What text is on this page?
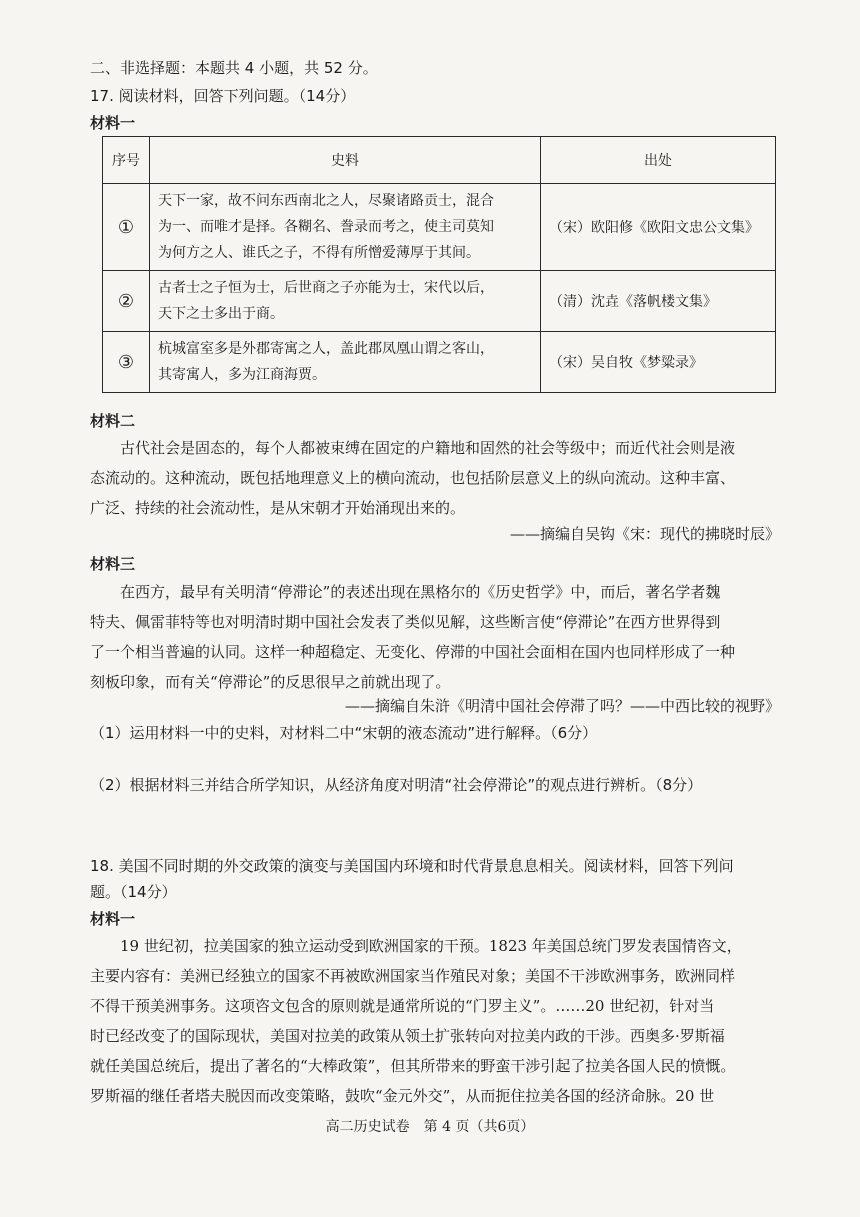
二、非选择题：本题共 4 小题，共 52 分。
17. 阅读材料，回答下列问题。（14分）
材料一
序号	史料	出处
①	天下一家，故不问东西南北之人，尽聚诸路贡士，混合
为一、而唯才是择。各糊名、誊录而考之，使主司莫知
为何方之人、谁氏之子，不得有所憎爱薄厚于其间。	（宋）欧阳修《欧阳文忠公文集》
②	古者士之子恒为士，后世商之子亦能为士，宋代以后，
天下之士多出于商。	（清）沈垚《落帆楼文集》
③	杭城富室多是外郡寄寓之人，盖此郡凤凰山谓之客山，
其寄寓人，多为江商海贾。	（宋）吴自牧《梦粱录》
材料二
古代社会是固态的，每个人都被束缚在固定的户籍地和固然的社会等级中；而近代社会则是液
态流动的。这种流动，既包括地理意义上的横向流动，也包括阶层意义上的纵向流动。这种丰富、
广泛、持续的社会流动性，是从宋朝才开始涌现出来的。
——摘编自吴钩《宋：现代的拂晓时辰》
材料三
在西方，最早有关明清“停滞论”的表述出现在黑格尔的《历史哲学》中，而后，著名学者魏
特夫、佩雷菲特等也对明清时期中国社会发表了类似见解，这些断言使“停滞论”在西方世界得到
了一个相当普遍的认同。这样一种超稳定、无变化、停滞的中国社会面相在国内也同样形成了一种
刻板印象，而有关“停滞论”的反思很早之前就出现了。
——摘编自朱浒《明清中国社会停滞了吗？——中西比较的视野》
（1）运用材料一中的史料，对材料二中“宋朝的液态流动”进行解释。（6分）
（2）根据材料三并结合所学知识，从经济角度对明清“社会停滞论”的观点进行辨析。（8分）
18. 美国不同时期的外交政策的演变与美国国内环境和时代背景息息相关。阅读材料，回答下列问
题。（14分）
材料一
19 世纪初，拉美国家的独立运动受到欧洲国家的干预。1823 年美国总统门罗发表国情咨文，
主要内容有：美洲已经独立的国家不再被欧洲国家当作殖民对象；美国不干涉欧洲事务，欧洲同样
不得干预美洲事务。这项咨文包含的原则就是通常所说的“门罗主义”。……20 世纪初，针对当
时已经改变了的国际现状，美国对拉美的政策从领土扩张转向对拉美内政的干涉。西奥多·罗斯福
就任美国总统后，提出了著名的“大棒政策”，但其所带来的野蛮干涉引起了拉美各国人民的愤慨。
罗斯福的继任者塔夫脱因而改变策略，鼓吹“金元外交”，从而扼住拉美各国的经济命脉。20 世
高二历史试卷　第 4 页（共6页）
